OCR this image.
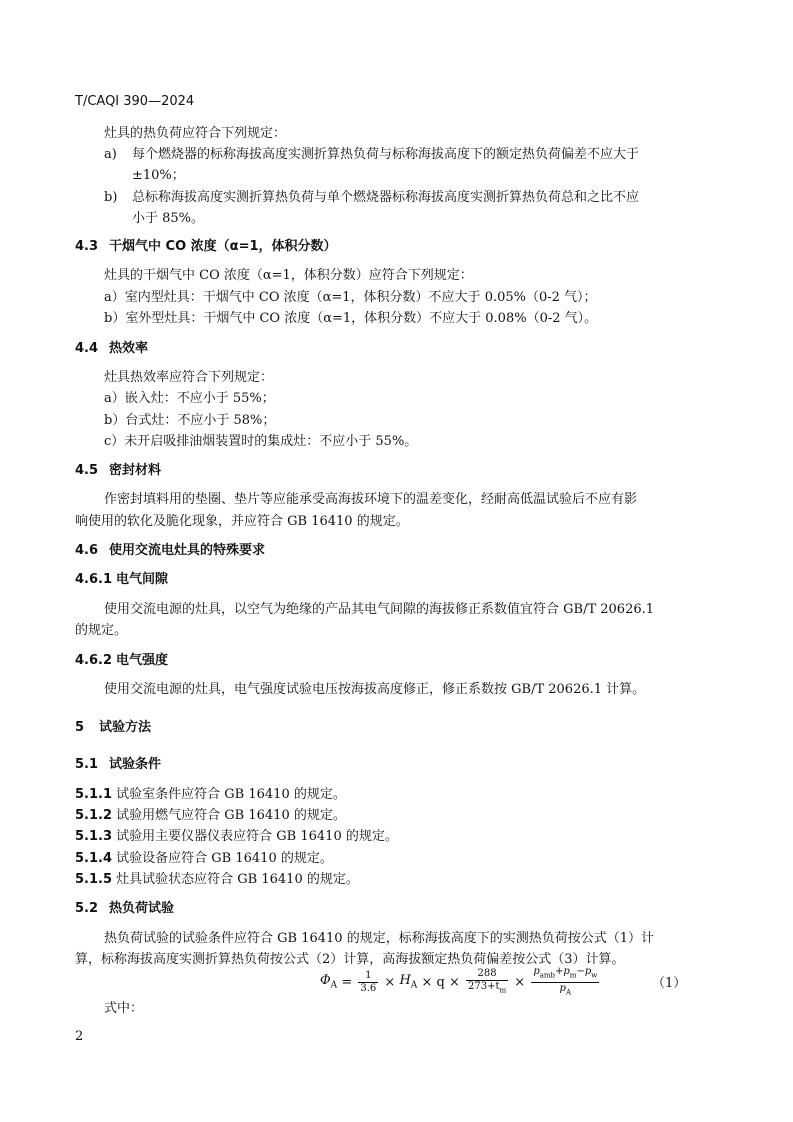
T/CAQI 390—2024
灶具的热负荷应符合下列规定：
a) 每个燃烧器的标称海拔高度实测折算热负荷与标称海拔高度下的额定热负荷偏差不应大于
±10%；
b) 总标称海拔高度实测折算热负荷与单个燃烧器标称海拔高度实测折算热负荷总和之比不应
小于 85%。
4.3 干烟气中 CO 浓度（α=1，体积分数）
灶具的干烟气中 CO 浓度（α=1，体积分数）应符合下列规定：
a）室内型灶具：干烟气中 CO 浓度（α=1，体积分数）不应大于 0.05%（0-2 气）；
b）室外型灶具：干烟气中 CO 浓度（α=1，体积分数）不应大于 0.08%（0-2 气）。
4.4 热效率
灶具热效率应符合下列规定：
a）嵌入灶：不应小于 55%；
b）台式灶：不应小于 58%；
c）未开启吸排油烟装置时的集成灶：不应小于 55%。
4.5 密封材料
作密封填料用的垫圈、垫片等应能承受高海拔环境下的温差变化，经耐高低温试验后不应有影
响使用的软化及脆化现象，并应符合 GB 16410 的规定。
4.6 使用交流电灶具的特殊要求
4.6.1 电气间隙
使用交流电源的灶具，以空气为绝缘的产品其电气间隙的海拔修正系数值宜符合 GB/T 20626.1
的规定。
4.6.2 电气强度
使用交流电源的灶具，电气强度试验电压按海拔高度修正，修正系数按 GB/T 20626.1 计算。
5 试验方法
5.1 试验条件
5.1.1 试验室条件应符合 GB 16410 的规定。
5.1.2 试验用燃气应符合 GB 16410 的规定。
5.1.3 试验用主要仪器仪表应符合 GB 16410 的规定。
5.1.4 试验设备应符合 GB 16410 的规定。
5.1.5 灶具试验状态应符合 GB 16410 的规定。
5.2 热负荷试验
热负荷试验的试验条件应符合 GB 16410 的规定，标称海拔高度下的实测热负荷按公式（1）计
算，标称海拔高度实测折算热负荷按公式（2）计算，高海拔额定热负荷偏差按公式（3）计算。
$\Phi_A = \frac{1}{3.6} \times H_A \times q \times \frac{288}{273+t_m} \times \frac{p_{amb}+p_m-p_w}{p_A}$	（1）
式中：
2
